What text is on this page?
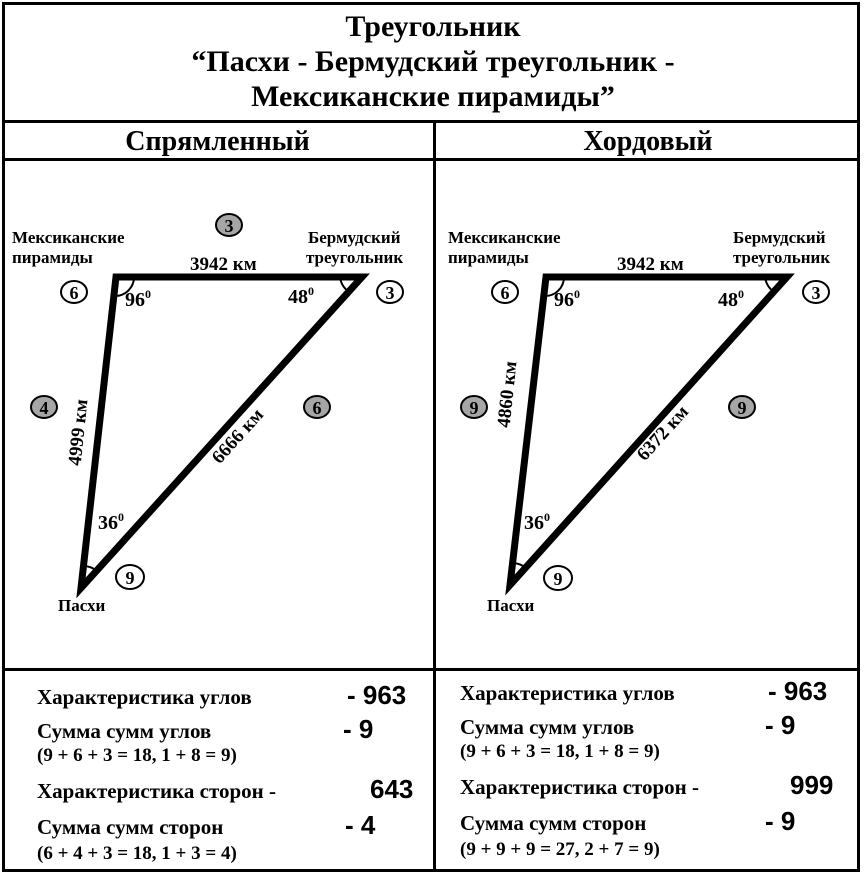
Треугольник
“Пасхи - Бермудский треугольник -
Мексиканские пирамиды”
Спрямленный	Хордовый
Мексиканские
пирамиды
Бермудский
треугольник
Пасхи
3942 км
4999 км	6666 км
$96^0$	$48^0$
$36^0$
3
6	3
4	6
9
Мексиканские
пирамиды
Бермудский
треугольник
Пасхи
3942 км
4860 км
6372 км
$96^0$	$48^0$
$36^0$
6	3
9	9
9
Характеристика углов	- 963
Сумма сумм углов	- 9
(9 + 6 + 3 = 18, 1 + 8 = 9)
Характеристика сторон -	643
Сумма сумм сторон	- 4
(6 + 4 + 3 = 18, 1 + 3 = 4)
Характеристика углов	- 963
Сумма сумм углов	- 9
(9 + 6 + 3 = 18, 1 + 8 = 9)
Характеристика сторон -	999
Сумма сумм сторон	- 9
(9 + 9 + 9 = 27, 2 + 7 = 9)
